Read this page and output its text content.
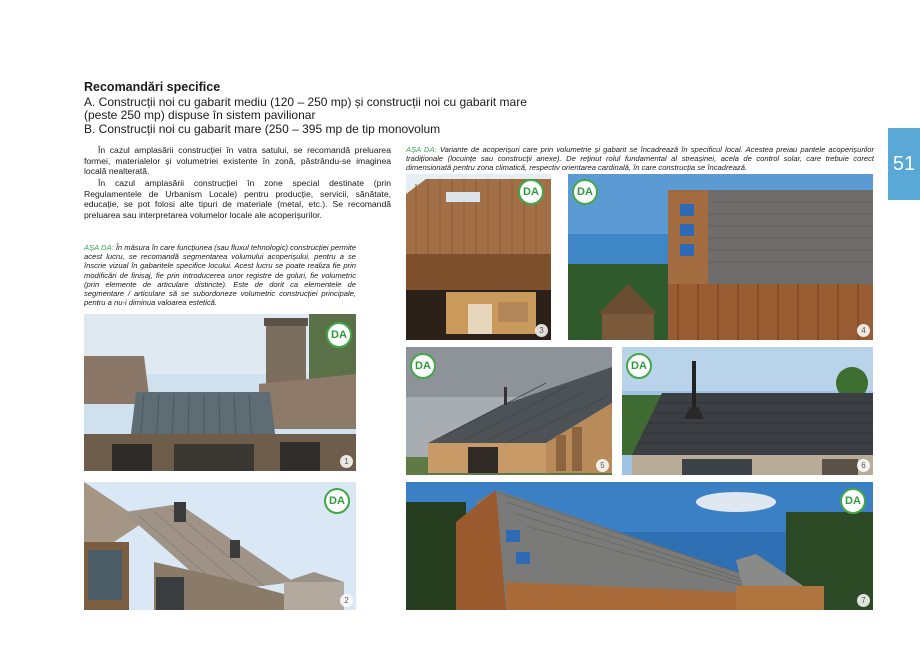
Recomandări specifice
A. Construcții noi cu gabarit mediu (120 – 250 mp) și construcții noi cu gabarit mare
(peste 250 mp) dispuse în sistem pavilionar
B. Construcții noi cu gabarit mare (250 – 395 mp de tip monovolum
51
În cazul amplasării construcției în vatra satului, se recomandă preluarea formei, materialelor și volumetriei existente în zonă, păstrându-se imaginea locală nealterată.
În cazul amplasării construcției în zone special destinate (prin Regulamentele de Urbanism Locale) pentru producție, servicii, sănătate, educație, se pot folosi alte tipuri de materiale (metal, etc.). Se recomandă preluarea sau interpretarea volumelor locale ale acoperișurilor.
AȘA DA: În măsura în care funcțiunea (sau fluxul tehnologic) construcției permite acest lucru, se recomandă segmentarea volumului acoperișului, pentru a se înscrie vizual în gabaritele specifice locului. Acest lucru se poate realiza fie prin modificări de finisaj, fie prin introducerea unor registre de goluri, fie volumetric (prin elemente de articulare distincte). Este de dorit ca elementele de segmentare / articulare să se subordoneze volumetric construcției principale, pentru a nu-i diminua valoarea estetică.
AȘA DA: Variante de acoperișuri care prin volumetrie și gabarit se încadrează în specificul local. Acestea preiau pantele acoperișurilor tradiționale (locuințe sau construcții anexe). De reținut rolul fundamental al streașinei, acela de control solar, care trebuie corect dimensionată pentru zona climatică, respectiv orientarea cardinală, în care construcția se încadrează.
DA
1
DA
2
DA
3
DA
4
DA
5
DA
6
DA
7
